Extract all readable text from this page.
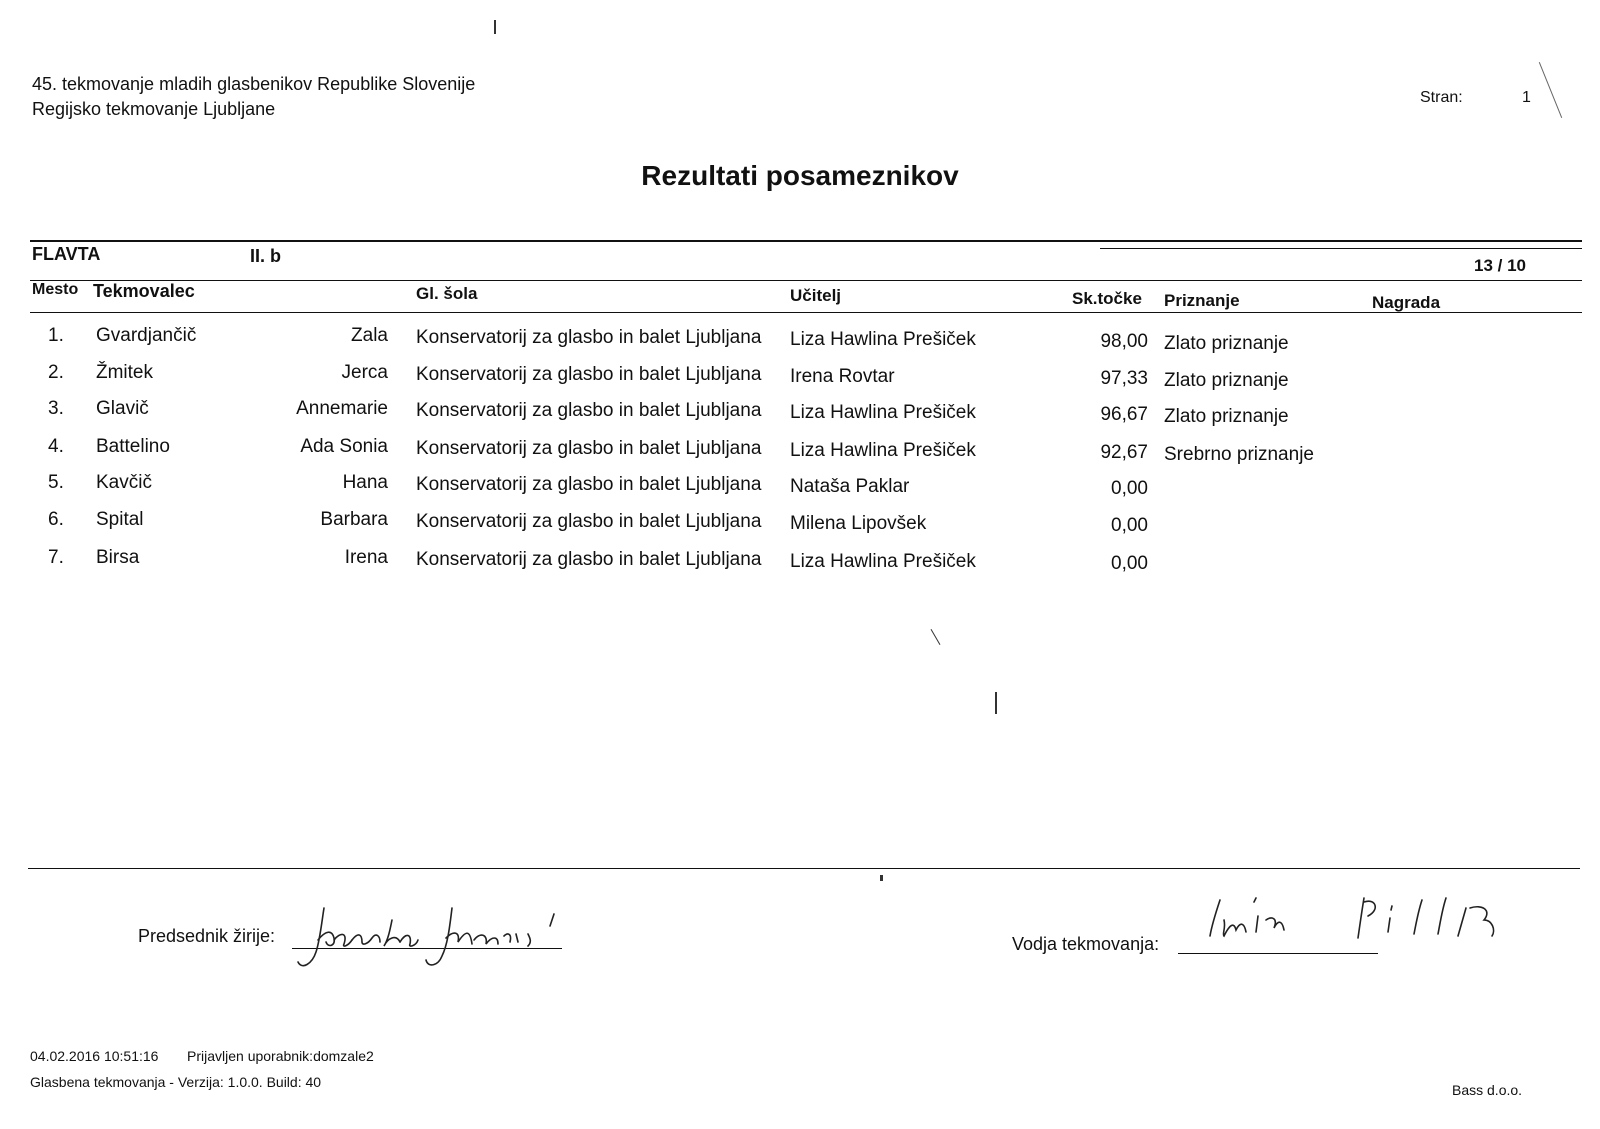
45. tekmovanje mladih glasbenikov Republike Slovenije
Regijsko tekmovanje Ljubljane
Stran:	1
Rezultati posameznikov
FLAVTA	II. b	13 / 10
Mesto Tekmovalec	Gl. šola	Učitelj	Sk.točke Priznanje	Nagrada
1. Gvardjančič	Zala Konservatorij za glasbo in balet Ljubljana	Liza Hawlina Prešiček	98,00 Zlato priznanje
2. Žmitek	Jerca Konservatorij za glasbo in balet Ljubljana	Irena Rovtar	97,33 Zlato priznanje
3. Glavič	Annemarie Konservatorij za glasbo in balet Ljubljana	Liza Hawlina Prešiček	96,67 Zlato priznanje
4. Battelino	Ada Sonia Konservatorij za glasbo in balet Ljubljana	Liza Hawlina Prešiček	92,67 Srebrno priznanje
5. Kavčič	Hana Konservatorij za glasbo in balet Ljubljana	Nataša Paklar	0,00
6. Spital	Barbara Konservatorij za glasbo in balet Ljubljana	Milena Lipovšek	0,00
7. Birsa	Irena Konservatorij za glasbo in balet Ljubljana	Liza Hawlina Prešiček	0,00
Predsednik žirije:	Vodja tekmovanja:
04.02.2016 10:51:16 Prijavljen uporabnik:domzale2
Glasbena tekmovanja - Verzija: 1.0.0. Build: 40	Bass d.o.o.
